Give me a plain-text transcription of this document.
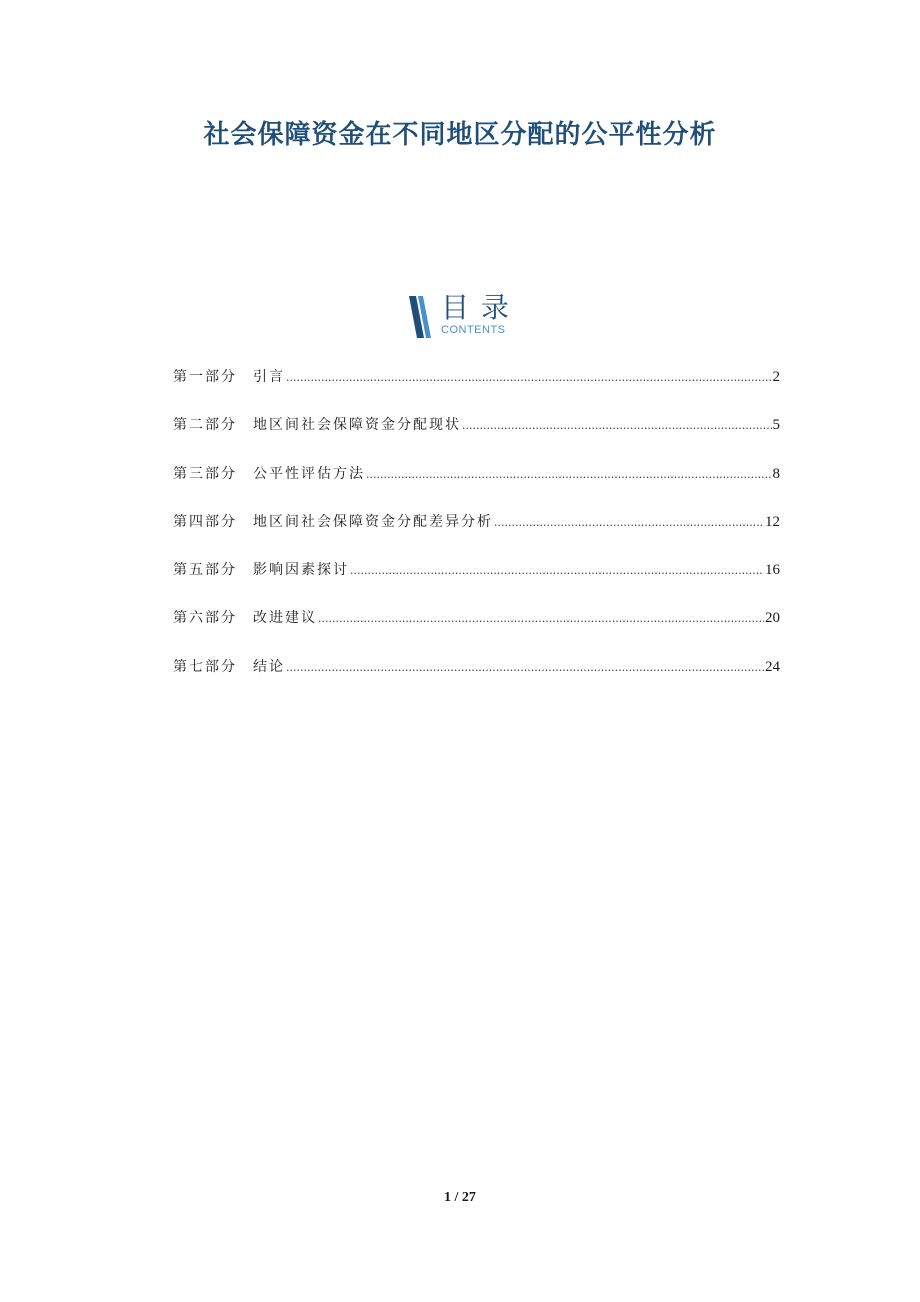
社会保障资金在不同地区分配的公平性分析
目录
CONTENTS
第一部分	引言 .....	2
第二部分	地区间社会保障资金分配现状 .....	5
第三部分	公平性评估方法 .....	8
第四部分	地区间社会保障资金分配差异分析 .....	12
第五部分	影响因素探讨 .....	16
第六部分	改进建议 .....	20
第七部分	结论 .....	24
1 / 27
